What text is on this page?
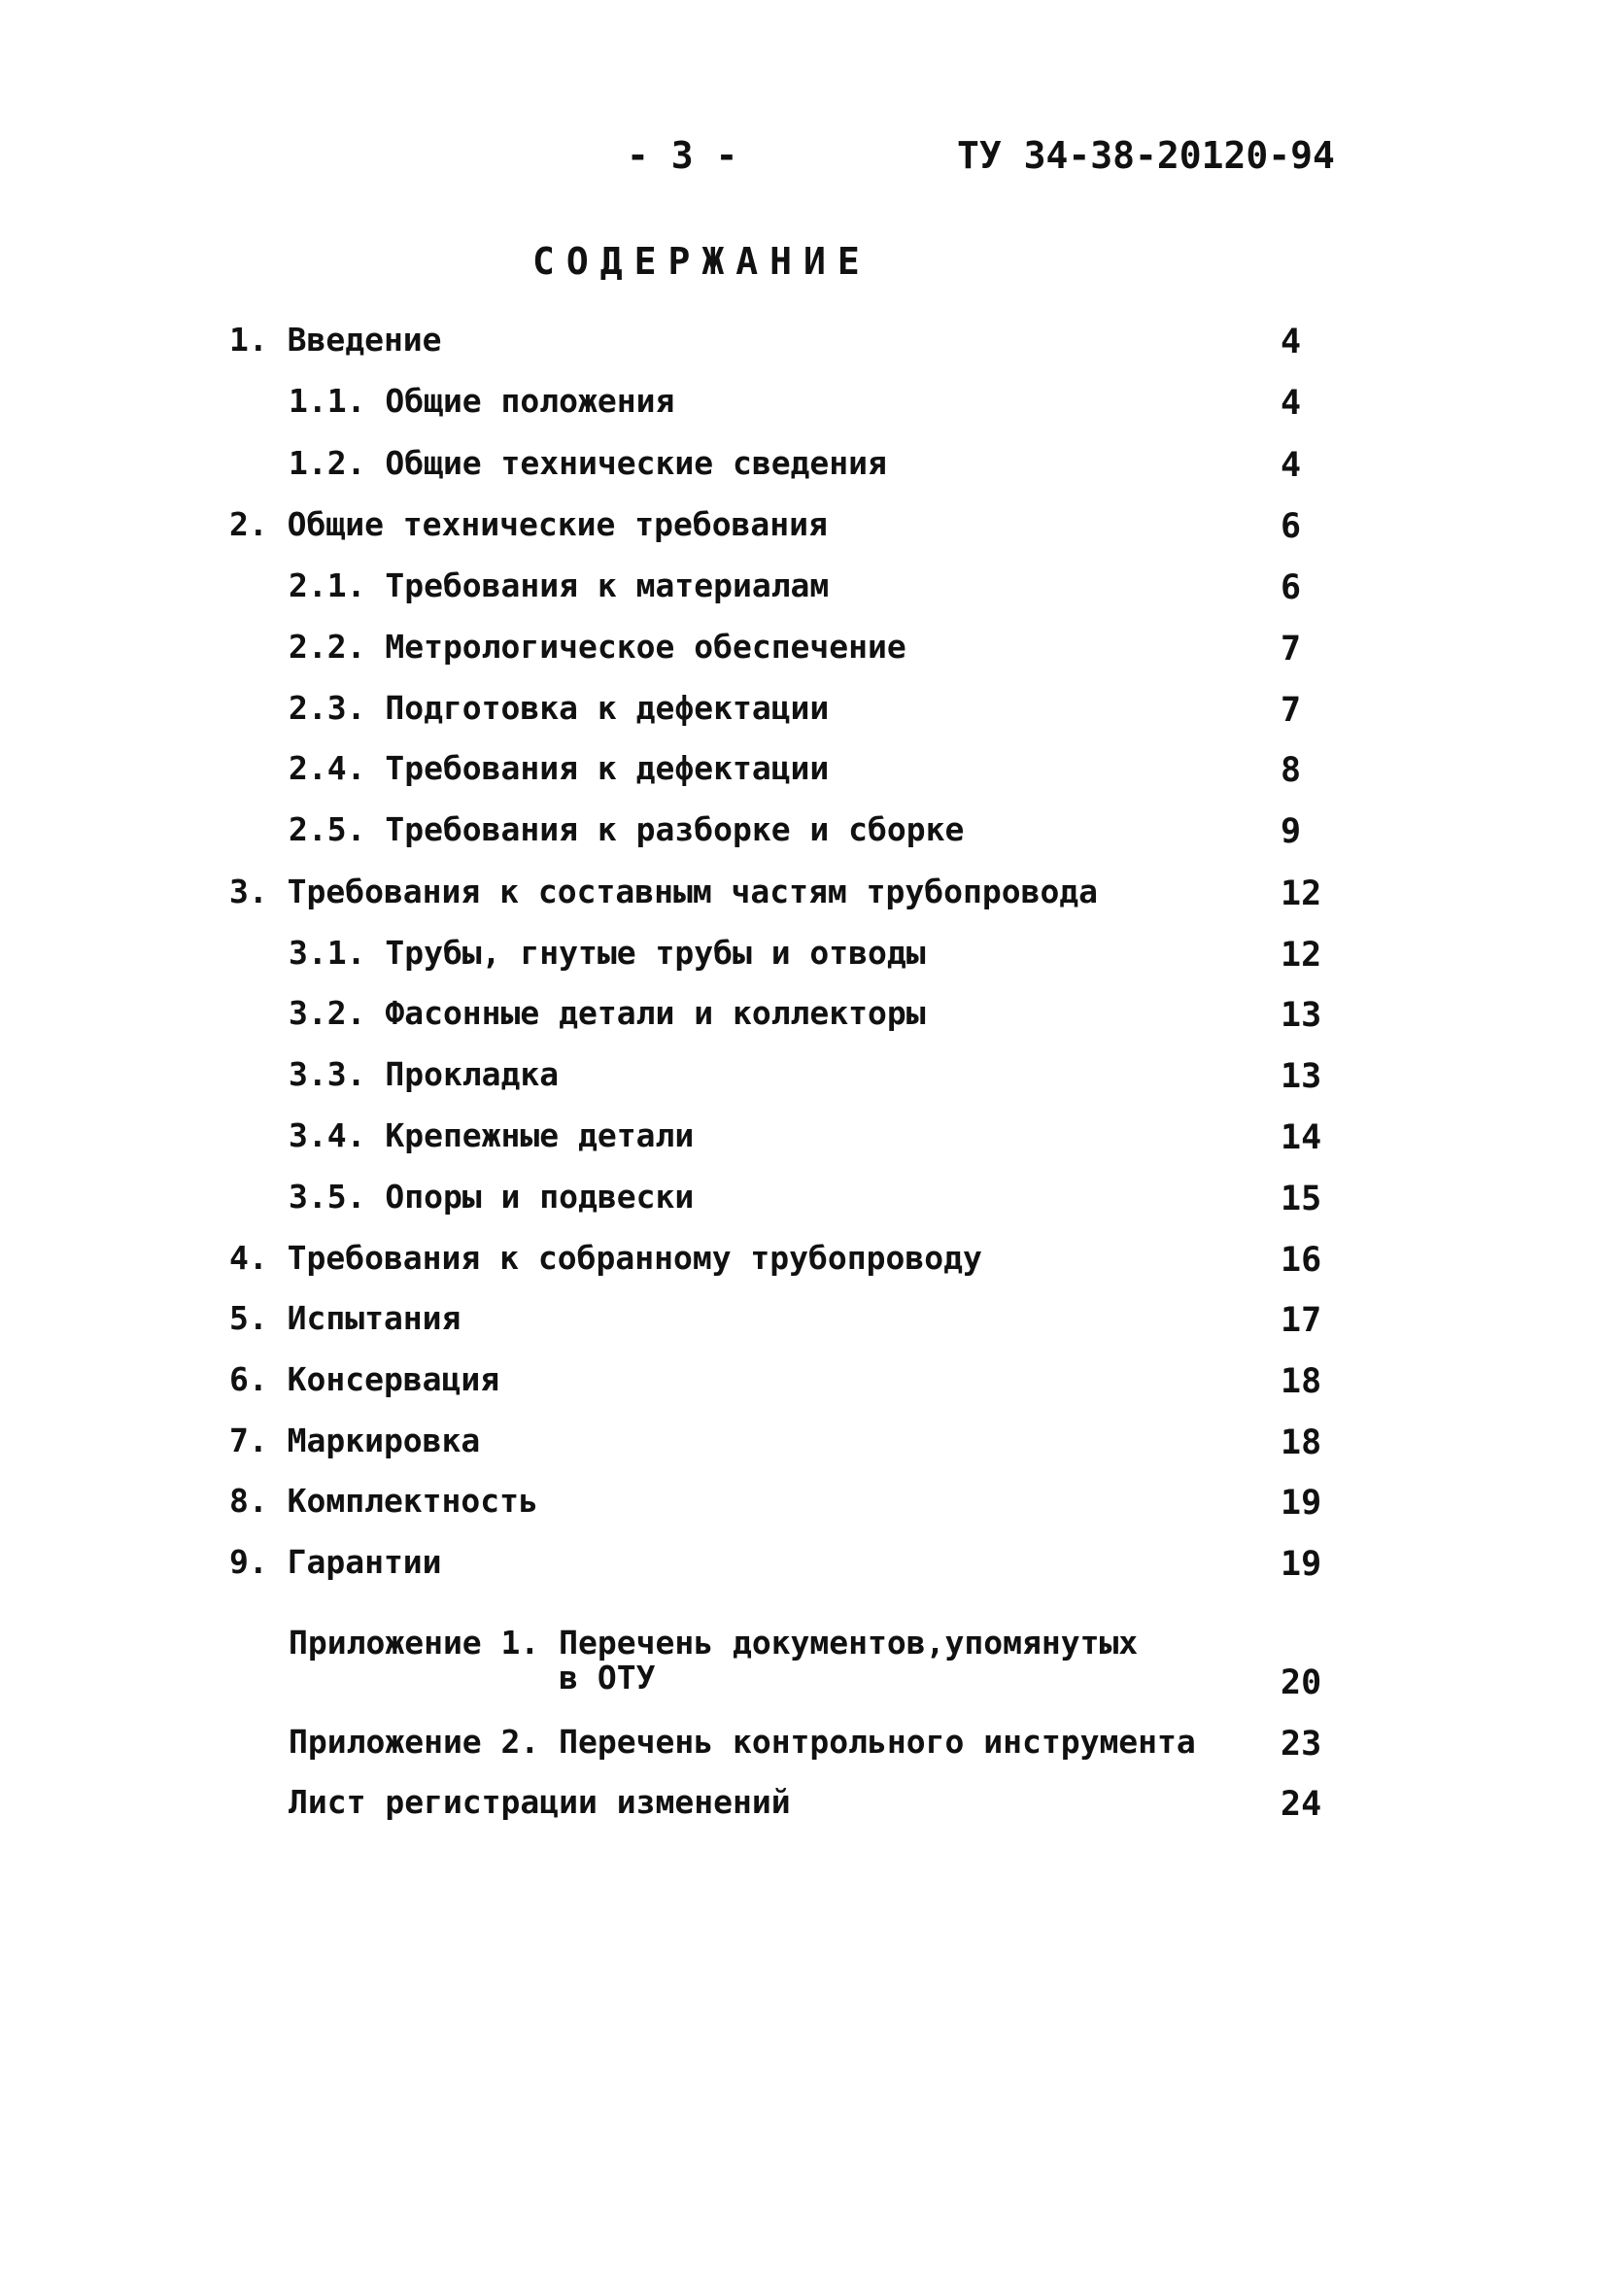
- 3 -	ТУ 34-38-20120-94
СОДЕРЖАНИЕ
1. Введение	4
1.1. Общие положения	4
1.2. Общие технические сведения	4
2. Общие технические требования	6
2.1. Требования к материалам	6
2.2. Метрологическое обеспечение	7
2.3. Подготовка к дефектации	7
2.4. Требования к дефектации	8
2.5. Требования к разборке и сборке	9
3. Требования к составным частям трубопровода	12
3.1. Трубы, гнутые трубы и отводы	12
3.2. Фасонные детали и коллекторы	13
3.3. Прокладка	13
3.4. Крепежные детали	14
3.5. Опоры и подвески	15
4. Требования к собранному трубопроводу	16
5. Испытания	17
6. Консервация	18
7. Маркировка	18
8. Комплектность	19
9. Гарантии	19
Приложение 1. Перечень документов,упомянутых
в ОТУ	20
Приложение 2. Перечень контрольного инструмента 23
Лист регистрации изменений	24
